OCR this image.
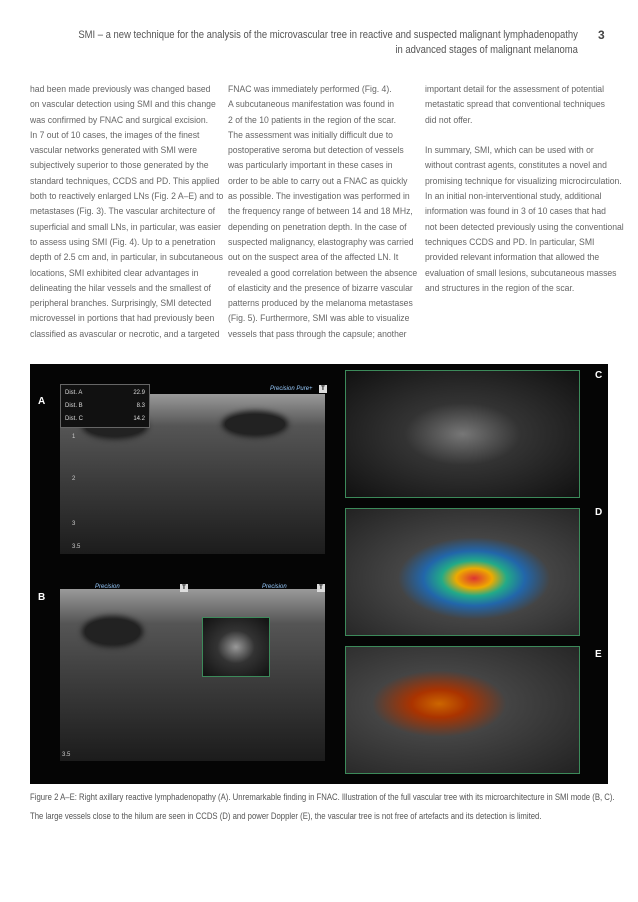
SMI – a new technique for the analysis of the microvascular tree in reactive and suspected malignant lymphadenopathy
in advanced stages of malignant melanoma
3

had been made previously was changed based

on vascular detection using SMI and this change

was confirmed by FNAC and surgical excision.

In 7 out of 10 cases, the images of the finest

vascular networks generated with SMI were

subjectively superior to those generated by the

standard techniques, CCDS and PD. This applied

both to reactively enlarged LNs (Fig. 2 A–E) and to

metastases (Fig. 3). The vascular architecture of

superficial and small LNs, in particular, was easier

to assess using SMI (Fig. 4). Up to a penetration

depth of 2.5 cm and, in particular, in subcutaneous

locations, SMI exhibited clear advantages in

delineating the hilar vessels and the smallest of

peripheral branches. Surprisingly, SMI detected

microvessel in portions that had previously been

classified as avascular or necrotic, and a targeted

FNAC was immediately performed (Fig. 4).

A subcutaneous manifestation was found in

2 of the 10 patients in the region of the scar.

The assessment was initially difficult due to

postoperative seroma but detection of vessels

was particularly important in these cases in

order to be able to carry out a FNAC as quickly

as possible. The investigation was performed in

the frequency range of between 14 and 18 MHz,

depending on penetration depth. In the case of

suspected malignancy, elastography was carried

out on the suspect area of the affected LN. It

revealed a good correlation between the absence

of elasticity and the presence of bizarre vascular

patterns produced by the melanoma metastases

(Fig. 5). Furthermore, SMI was able to visualize

vessels that pass through the capsule; another

important detail for the assessment of potential

metastatic spread that conventional techniques

did not offer.

In summary, SMI, which can be used with or

without contrast agents, constitutes a novel and

promising technique for visualizing microcirculation.

In an initial non-interventional study, additional

information was found in 3 of 10 cases that had

not been detected previously using the conventional

techniques CCDS and PD. In particular, SMI

provided relevant information that allowed the

evaluation of small lesions, subcutaneous masses

and structures in the region of the scar.

A
B
C
D
E
Dist. A	22.9
Dist. B	8.3
Dist. C	14.2
Precision Pure+	T
1
2
3
3.5
Precision	Precision
T	T
3.5

Figure 2 A–E: Right axillary reactive lymphadenopathy (A). Unremarkable finding in FNAC. Illustration of the full vascular tree with its microarchitecture in SMI mode (B, C).

The large vessels close to the hilum are seen in CCDS (D) and power Doppler (E), the vascular tree is not free of artefacts and its detection is limited.
